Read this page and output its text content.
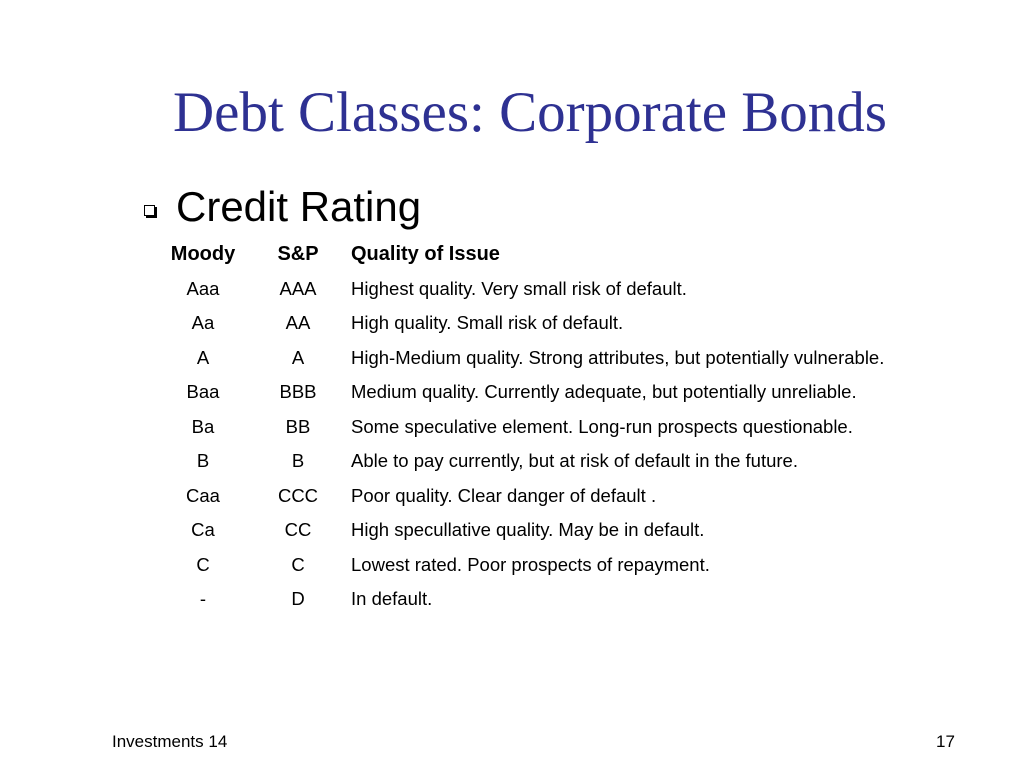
Debt Classes: Corporate Bonds
Credit Rating
Moody	S&P	Quality of Issue
Aaa	AAA	Highest quality. Very small risk of default.
Aa	AA	High quality. Small risk of default.
A	A	High-Medium quality. Strong attributes, but potentially vulnerable.
Baa	BBB	Medium quality. Currently adequate, but potentially unreliable.
Ba	BB	Some speculative element. Long-run prospects questionable.
B	B	Able to pay currently, but at risk of default in the future.
Caa	CCC	Poor quality. Clear danger of default .
Ca	CC	High specullative quality. May be in default.
C	C	Lowest rated. Poor prospects of repayment.
-	D	In default.
Investments 14	17
